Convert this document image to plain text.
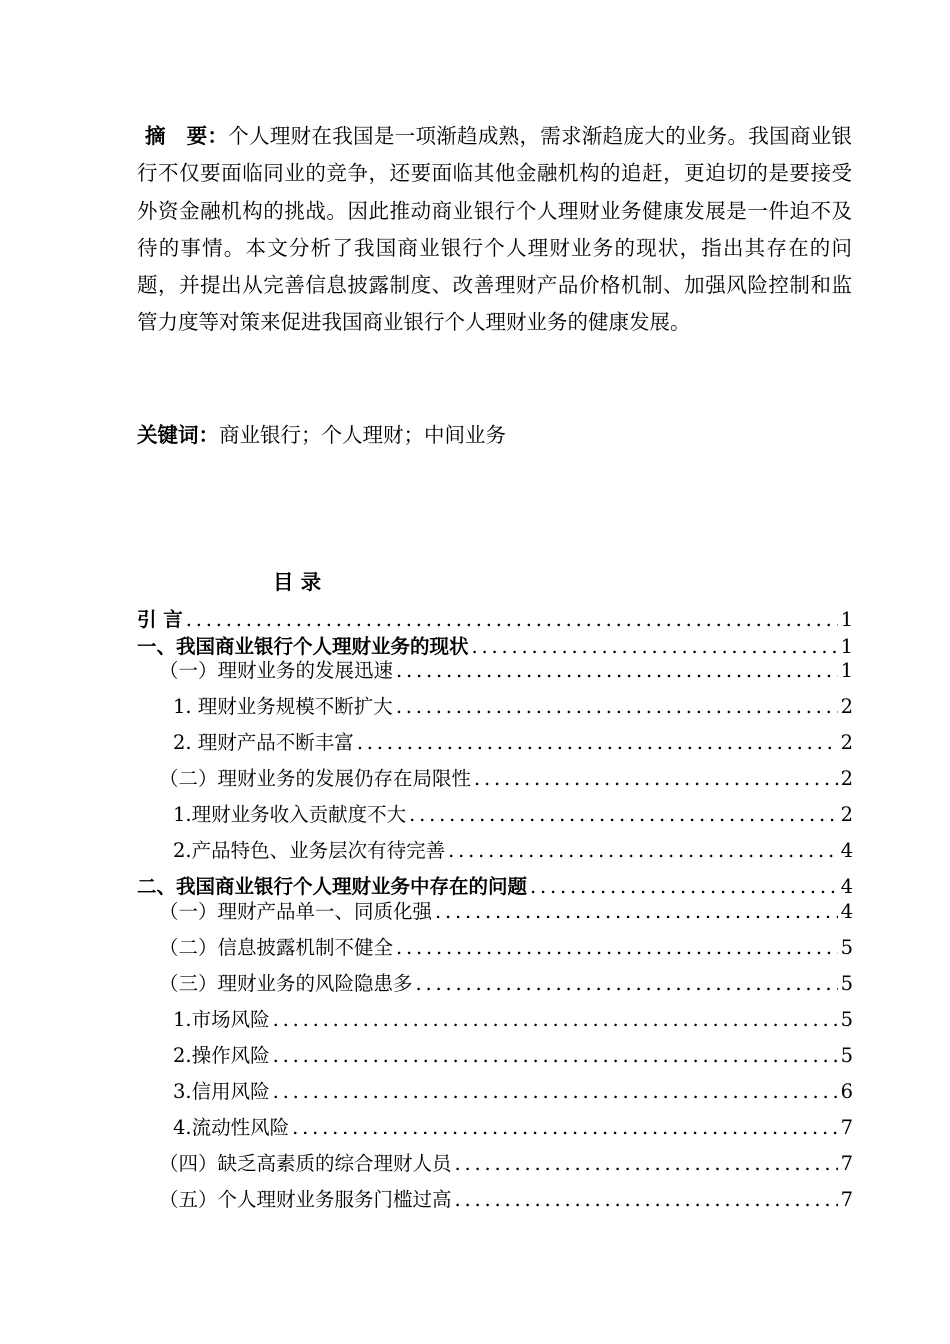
摘　要：个人理财在我国是一项渐趋成熟，需求渐趋庞大的业务。我国商业银行不仅要面临同业的竞争，还要面临其他金融机构的追赶，更迫切的是要接受外资金融机构的挑战。因此推动商业银行个人理财业务健康发展是一件迫不及待的事情。本文分析了我国商业银行个人理财业务的现状，指出其存在的问题，并提出从完善信息披露制度、改善理财产品价格机制、加强风险控制和监管力度等对策来促进我国商业银行个人理财业务的健康发展。
关键词：商业银行；个人理财；中间业务
目 录
引 言 . . .	1
一、我国商业银行个人理财业务的现状 . . .	1
（一）理财业务的发展迅速 . . .	1
1. 理财业务规模不断扩大 . . .	2
2. 理财产品不断丰富 . . .	2
（二）理财业务的发展仍存在局限性 . . .	2
1.理财业务收入贡献度不大 . . .	2
2.产品特色、业务层次有待完善 . . .	4
二、我国商业银行个人理财业务中存在的问题 . . .	4
（一）理财产品单一、同质化强 . . .	4
（二）信息披露机制不健全 . . .	5
（三）理财业务的风险隐患多 . . .	5
1.市场风险 . . .	5
2.操作风险 . . .	5
3.信用风险 . . .	6
4.流动性风险 . . .	7
（四）缺乏高素质的综合理财人员 . . .	7
（五）个人理财业务服务门槛过高 . . .	7
